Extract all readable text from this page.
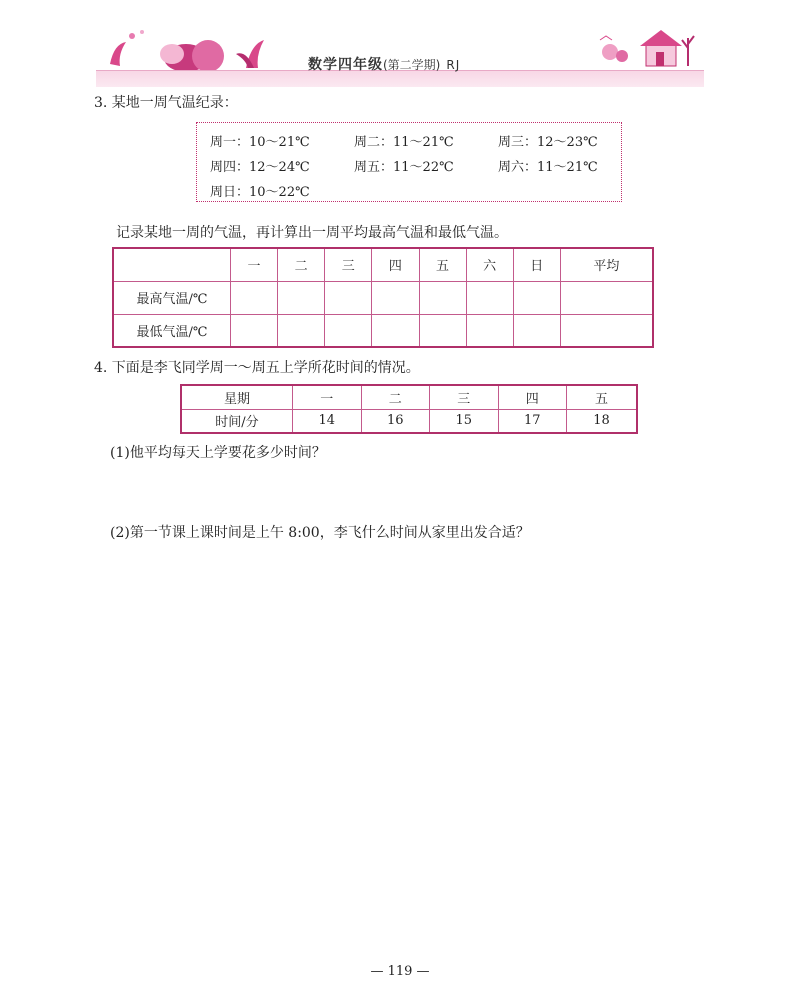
数学四年级(第二学期) RJ
3. 某地一周气温纪录：
周一：10～21℃	周二：11～21℃	周三：12～23℃
周四：12～24℃	周五：11～22℃	周六：11～21℃
周日：10～22℃
记录某地一周的气温，再计算出一周平均最高气温和最低气温。
	一	二	三	四	五	六	日	平均
最高气温/℃								
最低气温/℃								
4. 下面是李飞同学周一～周五上学所花时间的情况。
星期	一	二	三	四	五
时间/分	14	16	15	17	18
(1)他平均每天上学要花多少时间？
(2)第一节课上课时间是上午 8:00，李飞什么时间从家里出发合适？
— 119 —
